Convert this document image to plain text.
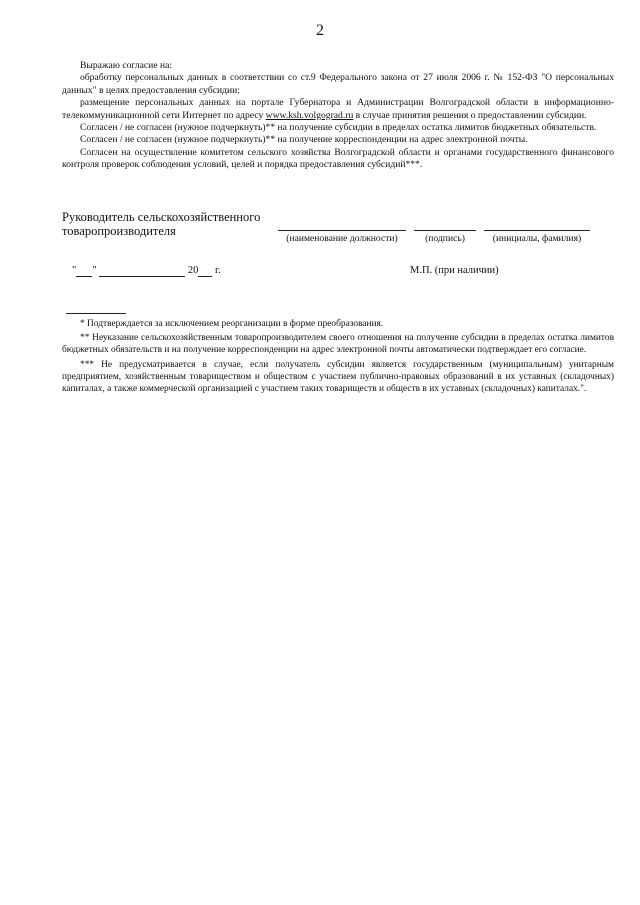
2

Выражаю согласие на:

обработку персональных данных в соответствии со ст.9 Федерального закона от 27 июля 2006 г. № 152-ФЗ "О персональных данных" в целях предоставления субсидии;

размещение персональных данных на портале Губернатора и Администрации Волгоградской области в информационно-телекоммуникационной сети Интернет по адресу www.ksh.volgograd.ru в случае принятия решения о предоставлении субсидии.

Согласен / не согласен (нужное подчеркнуть)** на получение субсидии в пределах остатка лимитов бюджетных обязательств.

Согласен / не согласен (нужное подчеркнуть)** на получение корреспонденции на адрес электронной почты.

Согласен на осуществление комитетом сельского хозяйства Волгоградской области и органами государственного финансового контроля проверок соблюдения условий, целей и порядка предоставления субсидий***.

Руководитель сельскохозяйственного
товаропроизводителя
(наименование должности)	(подпись)	(инициалы, фамилия)
" "	20 г.	М.П. (при наличии)

* Подтверждается за исключением реорганизации в форме преобразования.

** Неуказание сельскохозяйственным товаропроизводителем своего отношения на получение субсидии в пределах остатка лимитов бюджетных обязательств и на получение корреспонденции на адрес электронной почты автоматически подтверждает его согласие.

*** Не предусматривается в случае, если получатель субсидии является государственным (муниципальным) унитарным предприятием, хозяйственным товариществом и обществом с участием публично-правовых образований в их уставных (складочных) капиталах, а также коммерческой организацией с участием таких товариществ и обществ в их уставных (складочных) капиталах.".
